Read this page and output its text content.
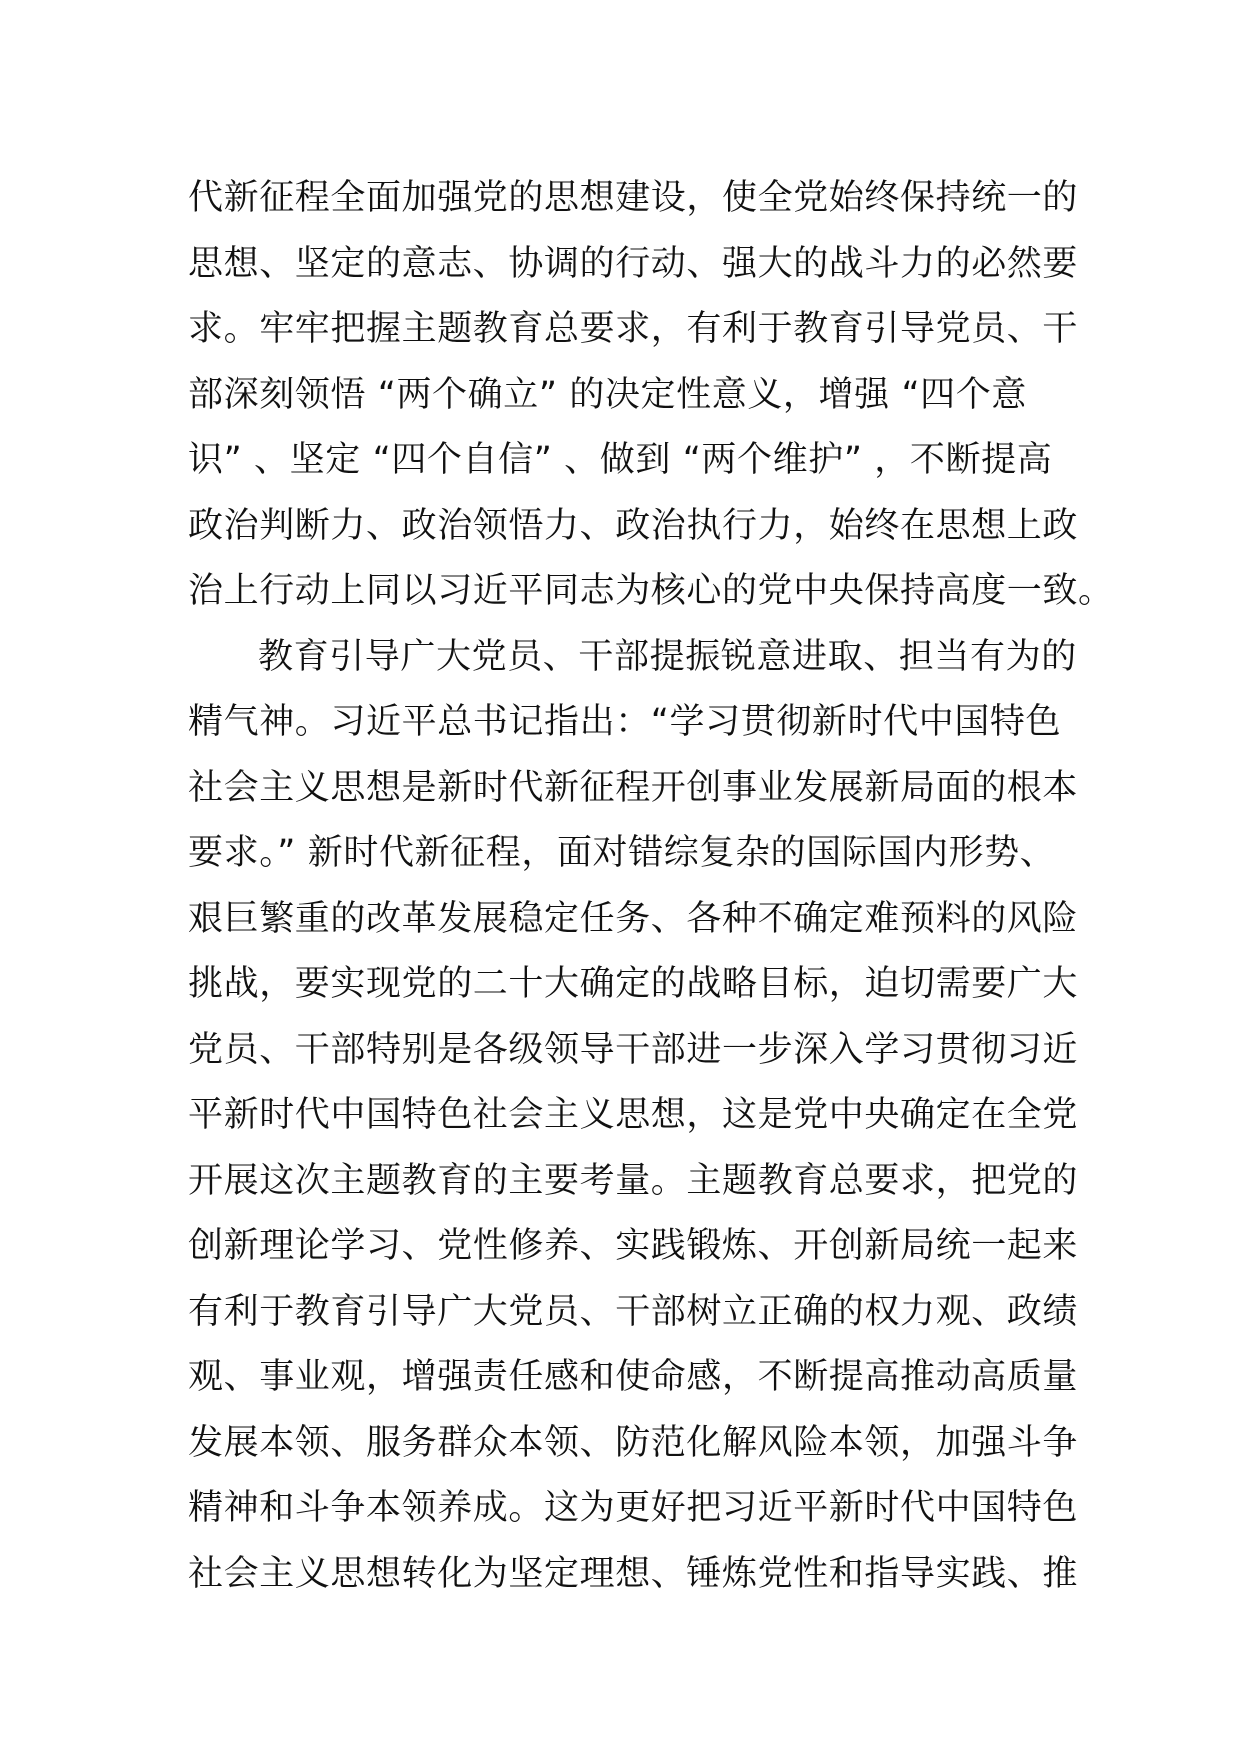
代新征程全面加强党的思想建设，使全党始终保持统一的
思想、坚定的意志、协调的行动、强大的战斗力的必然要
求。牢牢把握主题教育总要求，有利于教育引导党员、干
部深刻领悟 “两个确立” 的决定性意义，增强 “四个意
识” 、坚定 “四个自信” 、做到 “两个维护” ，不断提高
政治判断力、政治领悟力、政治执行力，始终在思想上政
治上行动上同以习近平同志为核心的党中央保持高度一致。
教育引导广大党员、干部提振锐意进取、担当有为的
精气神。习近平总书记指出：“学习贯彻新时代中国特色
社会主义思想是新时代新征程开创事业发展新局面的根本
要求。” 新时代新征程，面对错综复杂的国际国内形势、
艰巨繁重的改革发展稳定任务、各种不确定难预料的风险
挑战，要实现党的二十大确定的战略目标，迫切需要广大
党员、干部特别是各级领导干部进一步深入学习贯彻习近
平新时代中国特色社会主义思想，这是党中央确定在全党
开展这次主题教育的主要考量。主题教育总要求，把党的
创新理论学习、党性修养、实践锻炼、开创新局统一起来
有利于教育引导广大党员、干部树立正确的权力观、政绩
观、事业观，增强责任感和使命感，不断提高推动高质量
发展本领、服务群众本领、防范化解风险本领，加强斗争
精神和斗争本领养成。这为更好把习近平新时代中国特色
社会主义思想转化为坚定理想、锤炼党性和指导实践、推
